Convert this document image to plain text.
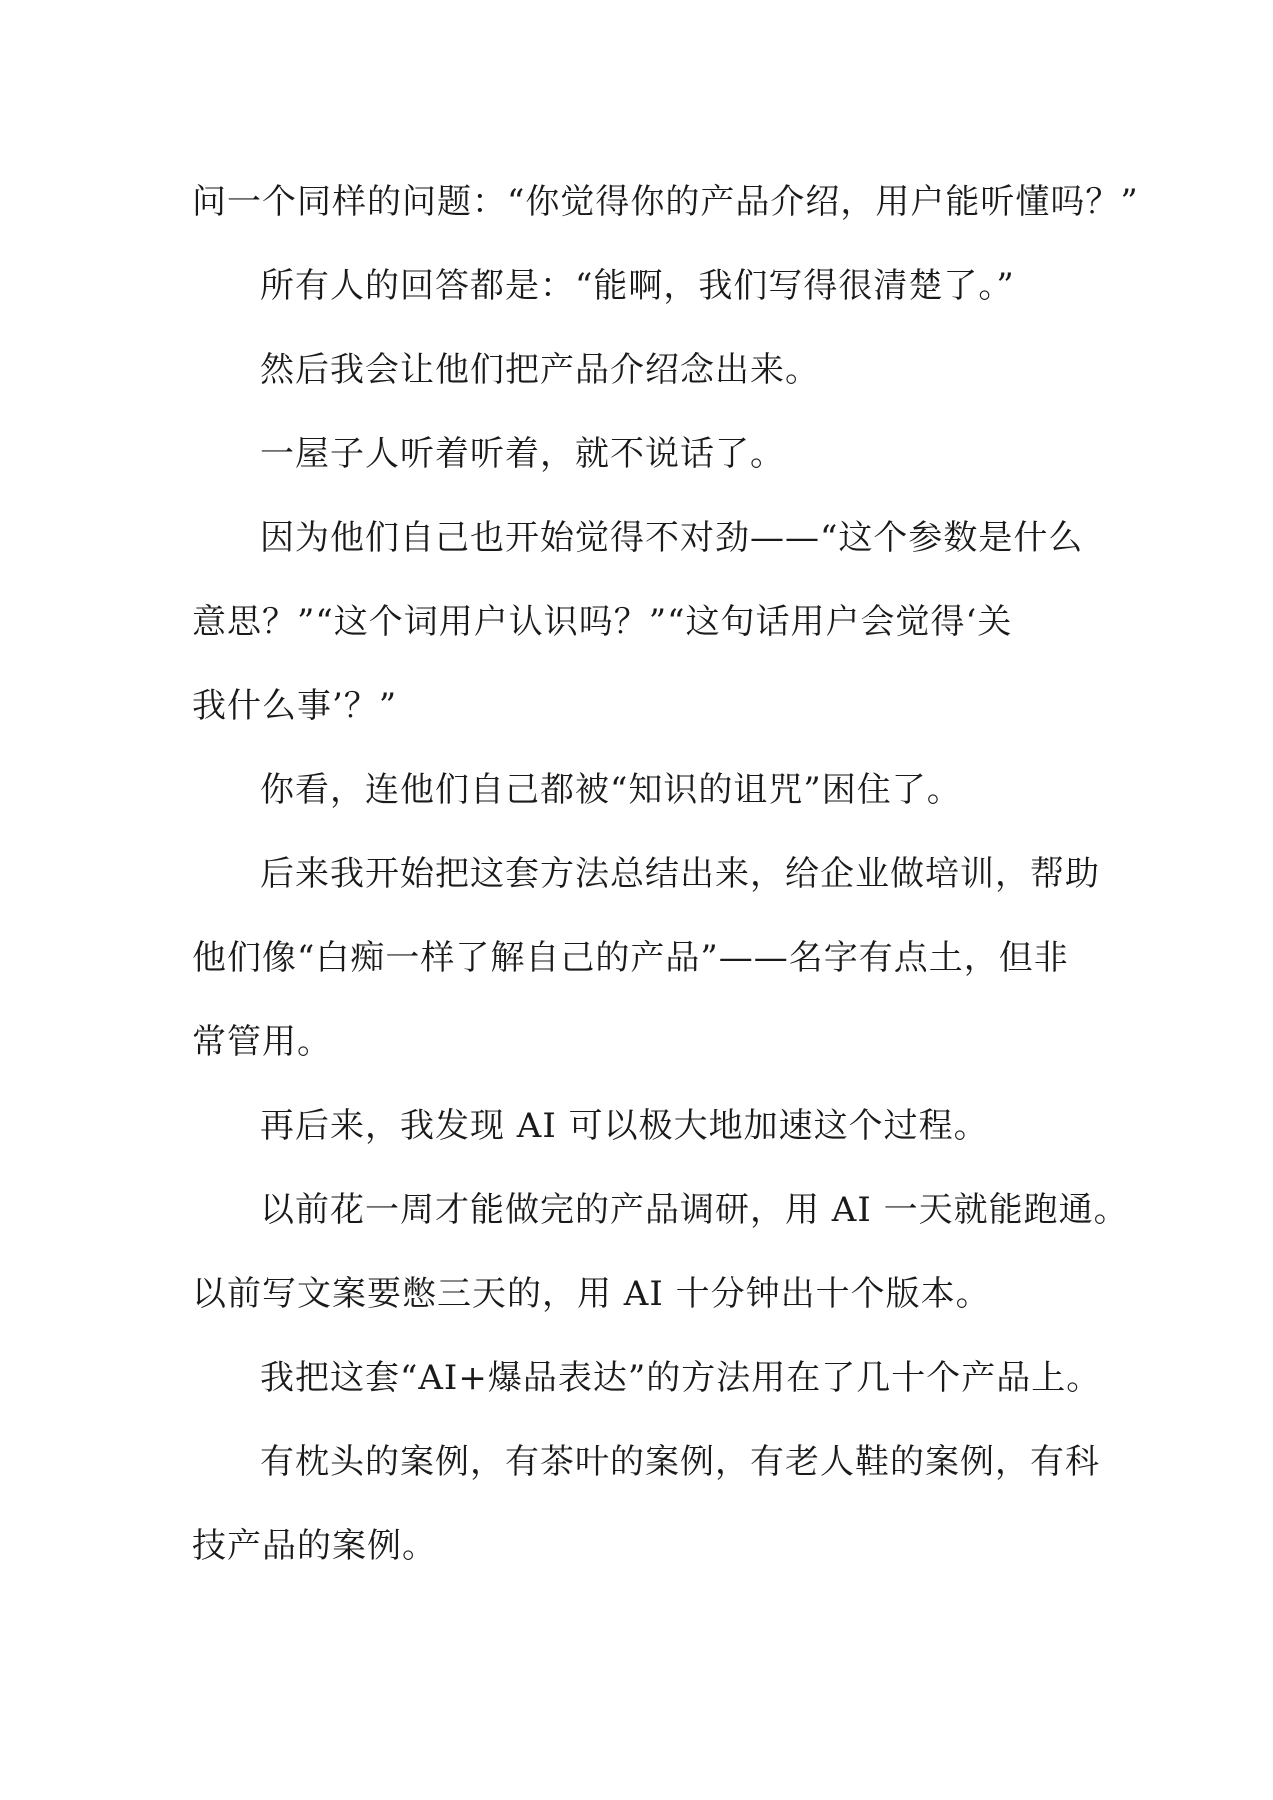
问一个同样的问题：“你觉得你的产品介绍，用户能听懂吗？”
所有人的回答都是：“能啊，我们写得很清楚了。”
然后我会让他们把产品介绍念出来。
一屋子人听着听着，就不说话了。
因为他们自己也开始觉得不对劲——“这个参数是什么
意思？”“这个词用户认识吗？”“这句话用户会觉得‘关
我什么事’？”
你看，连他们自己都被“知识的诅咒”困住了。
后来我开始把这套方法总结出来，给企业做培训，帮助
他们像“白痴一样了解自己的产品”——名字有点土，但非
常管用。
再后来，我发现 AI 可以极大地加速这个过程。
以前花一周才能做完的产品调研，用 AI 一天就能跑通。
以前写文案要憋三天的，用 AI 十分钟出十个版本。
我把这套“AI+爆品表达”的方法用在了几十个产品上。
有枕头的案例，有茶叶的案例，有老人鞋的案例，有科
技产品的案例。
